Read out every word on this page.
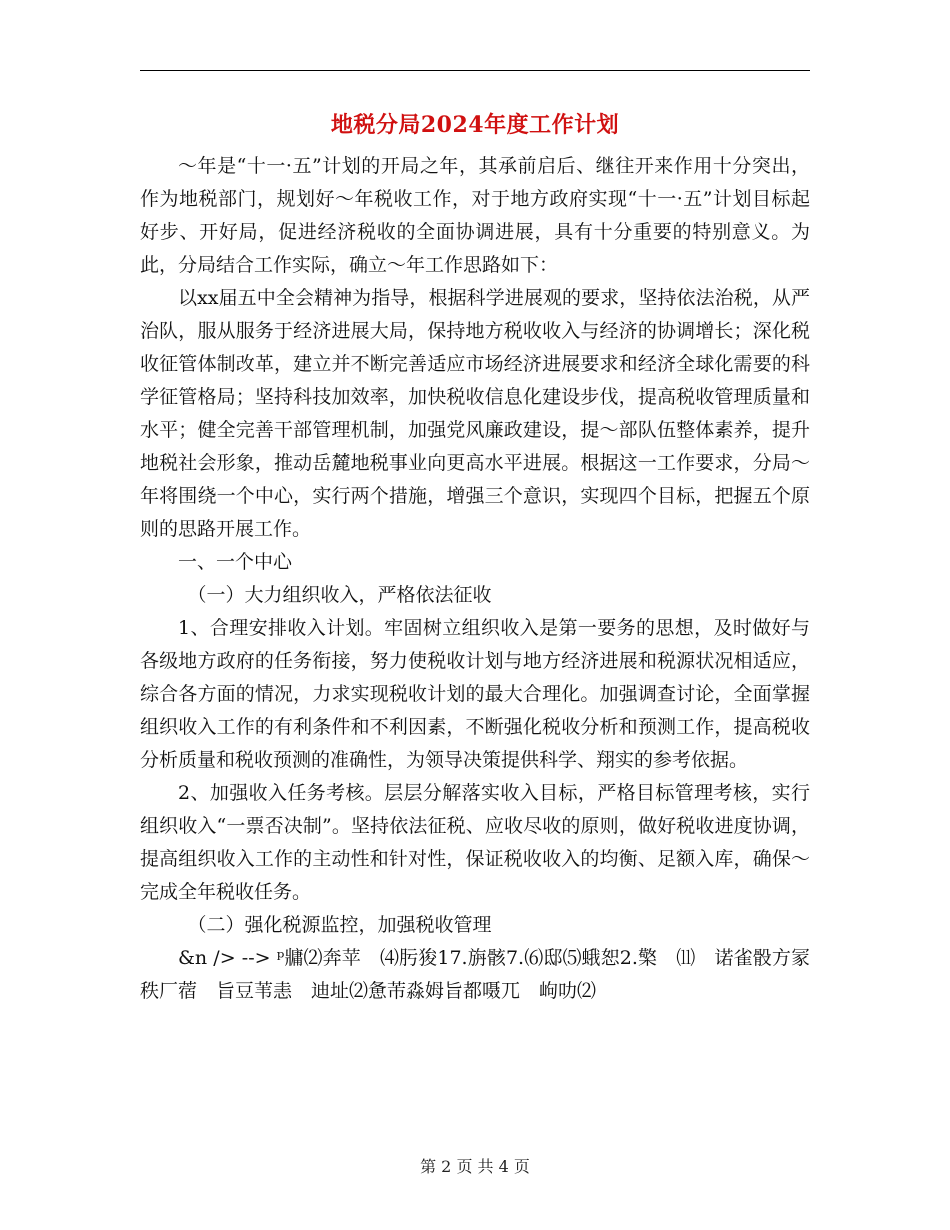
地税分局2024年度工作计划

～年是“十一·五”计划的开局之年，其承前启后、继往开来作用十分突出，作为地税部门，规划好～年税收工作，对于地方政府实现“十一·五”计划目标起好步、开好局，促进经济税收的全面协调进展，具有十分重要的特别意义。为此，分局结合工作实际，确立～年工作思路如下：

以xx届五中全会精神为指导，根据科学进展观的要求，坚持依法治税，从严治队，服从服务于经济进展大局，保持地方税收收入与经济的协调增长；深化税收征管体制改革，建立并不断完善适应市场经济进展要求和经济全球化需要的科学征管格局；坚持科技加效率，加快税收信息化建设步伐，提高税收管理质量和水平；健全完善干部管理机制，加强党风廉政建设，提～部队伍整体素养，提升地税社会形象，推动岳麓地税事业向更高水平进展。根据这一工作要求，分局～年将围绕一个中心，实行两个措施，增强三个意识，实现四个目标，把握五个原则的思路开展工作。

一、一个中心

（一）大力组织收入，严格依法征收

1、合理安排收入计划。牢固树立组织收入是第一要务的思想，及时做好与各级地方政府的任务衔接，努力使税收计划与地方经济进展和税源状况相适应，综合各方面的情况，力求实现税收计划的最大合理化。加强调查讨论，全面掌握组织收入工作的有利条件和不利因素，不断强化税收分析和预测工作，提高税收分析质量和税收预测的准确性，为领导决策提供科学、翔实的参考依据。

2、加强收入任务考核。层层分解落实收入目标，严格目标管理考核，实行组织收入“一票否决制”。坚持依法征税、应收尽收的原则，做好税收进度协调，提高组织收入工作的主动性和针对性，保证税收收入的均衡、足额入库，确保～完成全年税收任务。

（二）强化税源监控，加强税收管理

&n /> --> ᵖ牅⑵奔苹　⑷肟狻17.旃骸7.⑹邸⑸蛾恕2.檠　⑾　诺雀骰方冡　　秩厂蓿　旨豆苇恚　迪址⑵惫芾淼姆旨都嗫兀　岣叻⑵

第 2 页 共 4 页
